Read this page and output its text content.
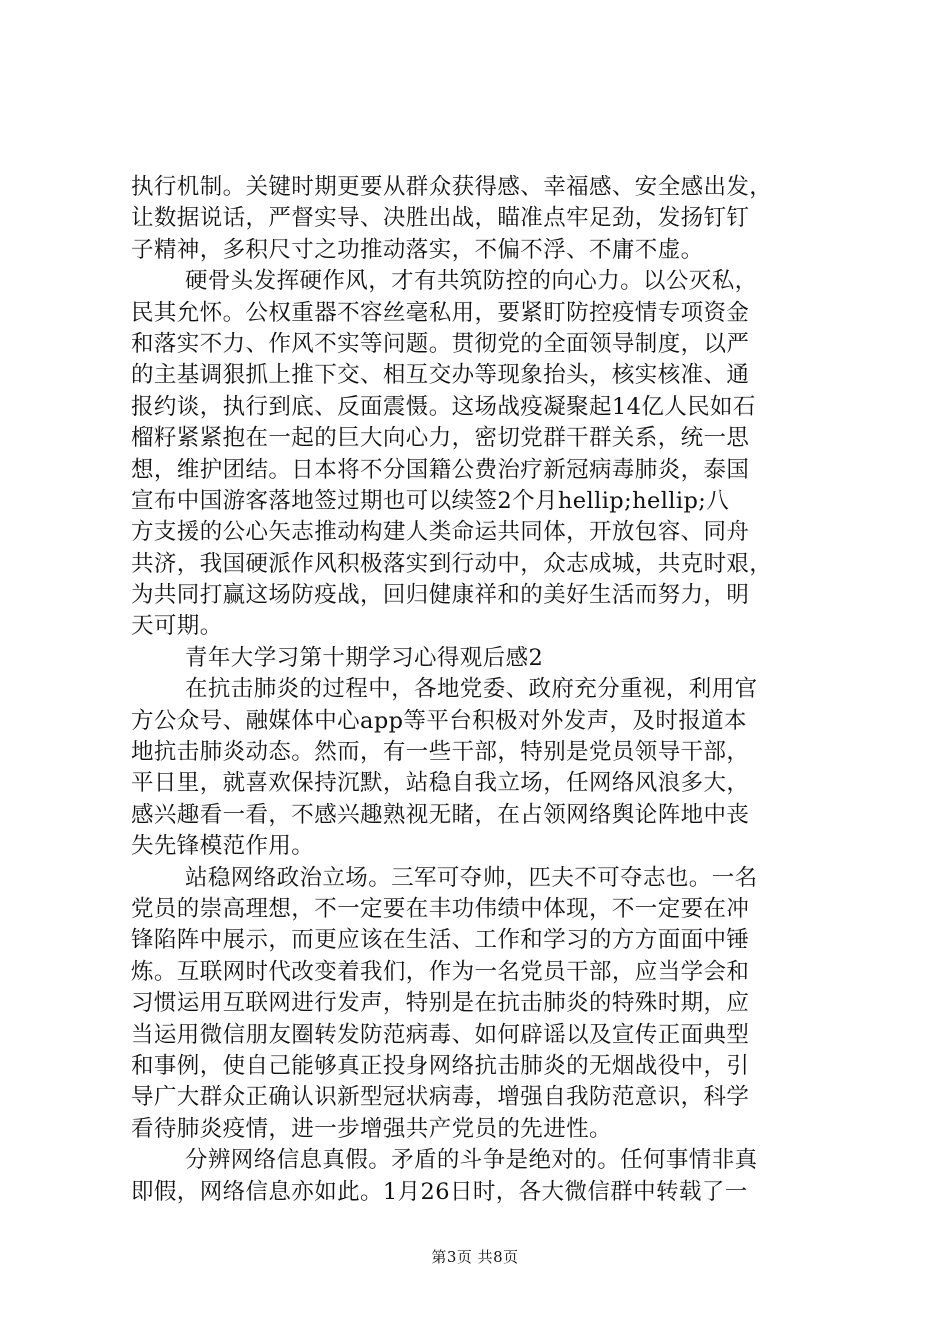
执行机制。关键时期更要从群众获得感、幸福感、安全感出发，
让数据说话，严督实导、决胜出战，瞄准点牢足劲，发扬钉钉
子精神，多积尺寸之功推动落实，不偏不浮、不庸不虚。
硬骨头发挥硬作风，才有共筑防控的向心力。以公灭私，
民其允怀。公权重器不容丝毫私用，要紧盯防控疫情专项资金
和落实不力、作风不实等问题。贯彻党的全面领导制度，以严
的主基调狠抓上推下交、相互交办等现象抬头，核实核准、通
报约谈，执行到底、反面震慑。这场战疫凝聚起14亿人民如石
榴籽紧紧抱在一起的巨大向心力，密切党群干群关系，统一思
想，维护团结。日本将不分国籍公费治疗新冠病毒肺炎，泰国
宣布中国游客落地签过期也可以续签2个月hellip;hellip;八
方支援的公心矢志推动构建人类命运共同体，开放包容、同舟
共济，我国硬派作风积极落实到行动中，众志成城，共克时艰，
为共同打赢这场防疫战，回归健康祥和的美好生活而努力，明
天可期。
青年大学习第十期学习心得观后感2
在抗击肺炎的过程中，各地党委、政府充分重视，利用官
方公众号、融媒体中心app等平台积极对外发声，及时报道本
地抗击肺炎动态。然而，有一些干部，特别是党员领导干部，
平日里，就喜欢保持沉默，站稳自我立场，任网络风浪多大，
感兴趣看一看，不感兴趣熟视无睹，在占领网络舆论阵地中丧
失先锋模范作用。
站稳网络政治立场。三军可夺帅，匹夫不可夺志也。一名
党员的崇高理想，不一定要在丰功伟绩中体现，不一定要在冲
锋陷阵中展示，而更应该在生活、工作和学习的方方面面中锤
炼。互联网时代改变着我们，作为一名党员干部，应当学会和
习惯运用互联网进行发声，特别是在抗击肺炎的特殊时期，应
当运用微信朋友圈转发防范病毒、如何辟谣以及宣传正面典型
和事例，使自己能够真正投身网络抗击肺炎的无烟战役中，引
导广大群众正确认识新型冠状病毒，增强自我防范意识，科学
看待肺炎疫情，进一步增强共产党员的先进性。
分辨网络信息真假。矛盾的斗争是绝对的。任何事情非真
即假，网络信息亦如此。1月26日时，各大微信群中转载了一
第3页 共8页
